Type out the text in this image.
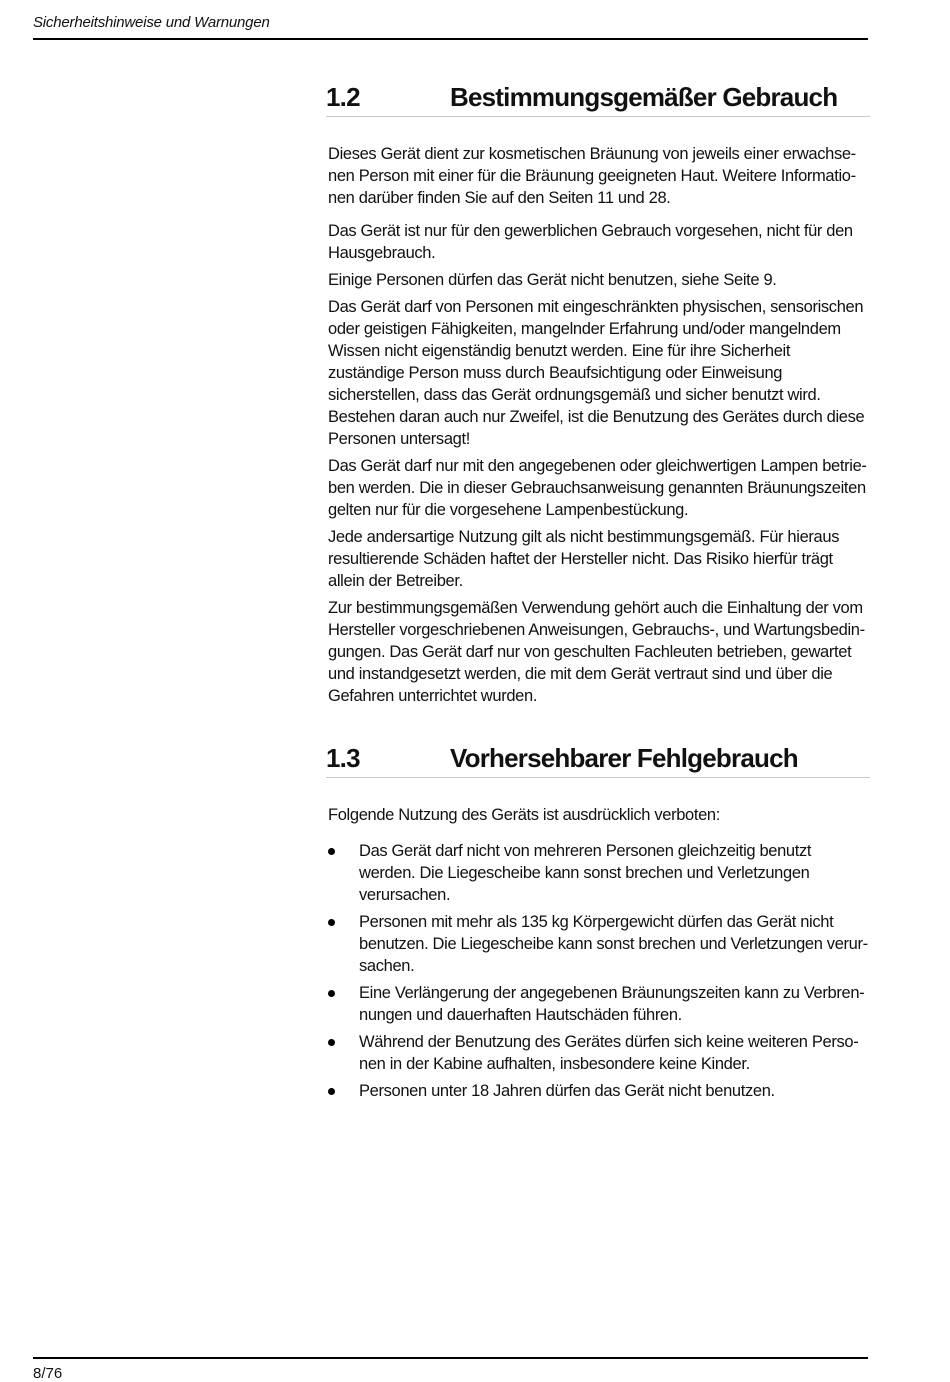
Sicherheitshinweise und Warnungen
1.2	Bestimmungsgemäßer Gebrauch

Dieses Gerät dient zur kosmetischen Bräunung von jeweils einer erwachse-nen Person mit einer für die Bräunung geeigneten Haut. Weitere Informatio-nen darüber finden Sie auf den Seiten 11 und 28.

Das Gerät ist nur für den gewerblichen Gebrauch vorgesehen, nicht für den Hausgebrauch.

Einige Personen dürfen das Gerät nicht benutzen, siehe Seite 9.

Das Gerät darf von Personen mit eingeschränkten physischen, sensorischen oder geistigen Fähigkeiten, mangelnder Erfahrung und/oder mangelndem Wissen nicht eigenständig benutzt werden. Eine für ihre Sicherheit zuständige Person muss durch Beaufsichtigung oder Einweisung sicherstellen, dass das Gerät ordnungsgemäß und sicher benutzt wird. Bestehen daran auch nur Zweifel, ist die Benutzung des Gerätes durch diese Personen untersagt!

Das Gerät darf nur mit den angegebenen oder gleichwertigen Lampen betrie-ben werden. Die in dieser Gebrauchsanweisung genannten Bräunungszeiten gelten nur für die vorgesehene Lampenbestückung.

Jede andersartige Nutzung gilt als nicht bestimmungsgemäß. Für hieraus resultierende Schäden haftet der Hersteller nicht. Das Risiko hierfür trägt allein der Betreiber.

Zur bestimmungsgemäßen Verwendung gehört auch die Einhaltung der vom Hersteller vorgeschriebenen Anweisungen, Gebrauchs-, und Wartungsbedin-gungen. Das Gerät darf nur von geschulten Fachleuten betrieben, gewartet und instandgesetzt werden, die mit dem Gerät vertraut sind und über die Gefahren unterrichtet wurden.

1.3	Vorhersehbarer Fehlgebrauch

Folgende Nutzung des Geräts ist ausdrücklich verboten:

Das Gerät darf nicht von mehreren Personen gleichzeitig benutzt werden. Die Liegescheibe kann sonst brechen und Verletzungen verursachen.
Personen mit mehr als 135 kg Körpergewicht dürfen das Gerät nicht benutzen. Die Liegescheibe kann sonst brechen und Verletzungen verur-sachen.
Eine Verlängerung der angegebenen Bräunungszeiten kann zu Verbren-nungen und dauerhaften Hautschäden führen.
Während der Benutzung des Gerätes dürfen sich keine weiteren Perso-nen in der Kabine aufhalten, insbesondere keine Kinder.
Personen unter 18 Jahren dürfen das Gerät nicht benutzen.
8/76
